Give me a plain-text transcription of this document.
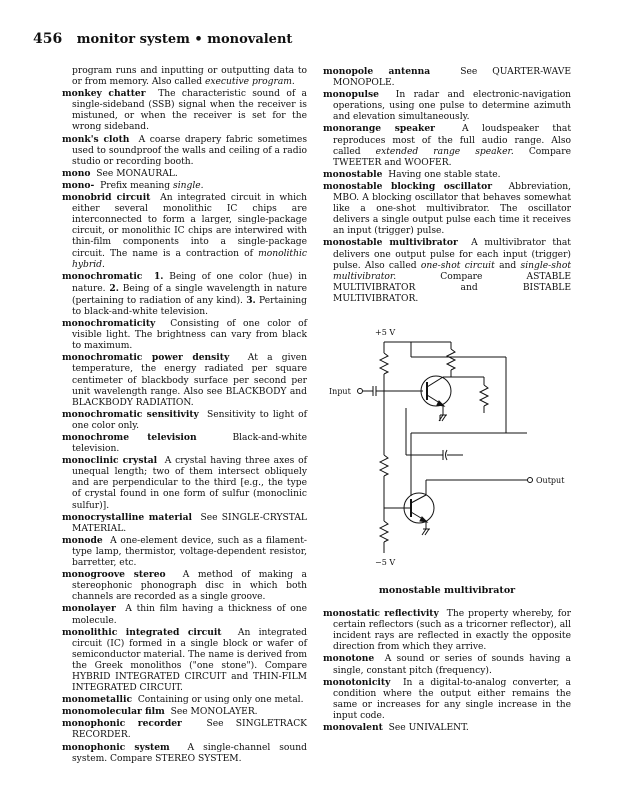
456 monitor system • monovalent

program runs and inputting or outputting data to or from memory. Also called executive program.

monkey chatter The characteristic sound of a single-sideband (SSB) signal when the receiver is mistuned, or when the receiver is set for the wrong sideband.

monk's cloth A coarse drapery fabric sometimes used to soundproof the walls and ceiling of a radio studio or recording booth.

mono See MONAURAL.

mono- Prefix meaning single.

monobrid circuit An integrated circuit in which either several monolithic IC chips are interconnected to form a larger, single-package circuit, or monolithic IC chips are interwired with thin-film components into a single-package circuit. The name is a contraction of monolithic hybrid.

monochromatic 1. Being of one color (hue) in nature. 2. Being of a single wavelength in nature (pertaining to radiation of any kind). 3. Pertaining to black-and-white television.

monochromaticity Consisting of one color of visible light. The brightness can vary from black to maximum.

monochromatic power density At a given temperature, the energy radiated per square centimeter of blackbody surface per second per unit wavelength range. Also see BLACKBODY and BLACKBODY RADIATION.

monochromatic sensitivity Sensitivity to light of one color only.

monochrome television	Black-and-white television.

monoclinic crystal A crystal having three axes of unequal length; two of them intersect obliquely and are perpendicular to the third [e.g., the type of crystal found in one form of sulfur (monoclinic sulfur)].

monocrystalline material See SINGLE-CRYSTAL MATERIAL.

monode A one-element device, such as a filament-type lamp, thermistor, voltage-dependent resistor, barretter, etc.

monogroove stereo A method of making a stereophonic phonograph disc in which both channels are recorded as a single groove.

monolayer A thin film having a thickness of one molecule.

monolithic integrated circuit An integrated circuit (IC) formed in a single block or wafer of semiconductor material. The name is derived from the Greek monolithos ("one stone"). Compare HYBRID INTEGRATED CIRCUIT and THIN-FILM INTEGRATED CIRCUIT.

monometallic Containing or using only one metal.

monomolecular film See MONOLAYER.

monophonic recorder	See SINGLETRACK RECORDER.

monophonic system A single-channel sound system. Compare STEREO SYSTEM.

monopole antenna	See QUARTER-WAVE MONOPOLE.

monopulse In radar and electronic-navigation operations, using one pulse to determine azimuth and elevation simultaneously.

monorange speaker	A loudspeaker that reproduces most of the full audio range. Also called extended range speaker. Compare TWEETER and WOOFER.

monostable Having one stable state.

monostable blocking oscillator Abbreviation, MBO. A blocking oscillator that behaves somewhat like a one-shot multivibrator. The oscillator delivers a single output pulse each time it receives an input (trigger) pulse.

monostable multivibrator A multivibrator that delivers one output pulse for each input (trigger) pulse. Also called one-shot circuit and single-shot multivibrator. Compare ASTABLE MULTIVIBRATOR and BISTABLE MULTIVIBRATOR.

+5 V
Input
Output
−5 V
monostable multivibrator

monostatic reflectivity The property whereby, for certain reflectors (such as a tricorner reflector), all incident rays are reflected in exactly the opposite direction from which they arrive.

monotone A sound or series of sounds having a single, constant pitch (frequency).

monotonicity In a digital-to-analog converter, a condition where the output either remains the same or increases for any single increase in the input code.

monovalent See UNIVALENT.
